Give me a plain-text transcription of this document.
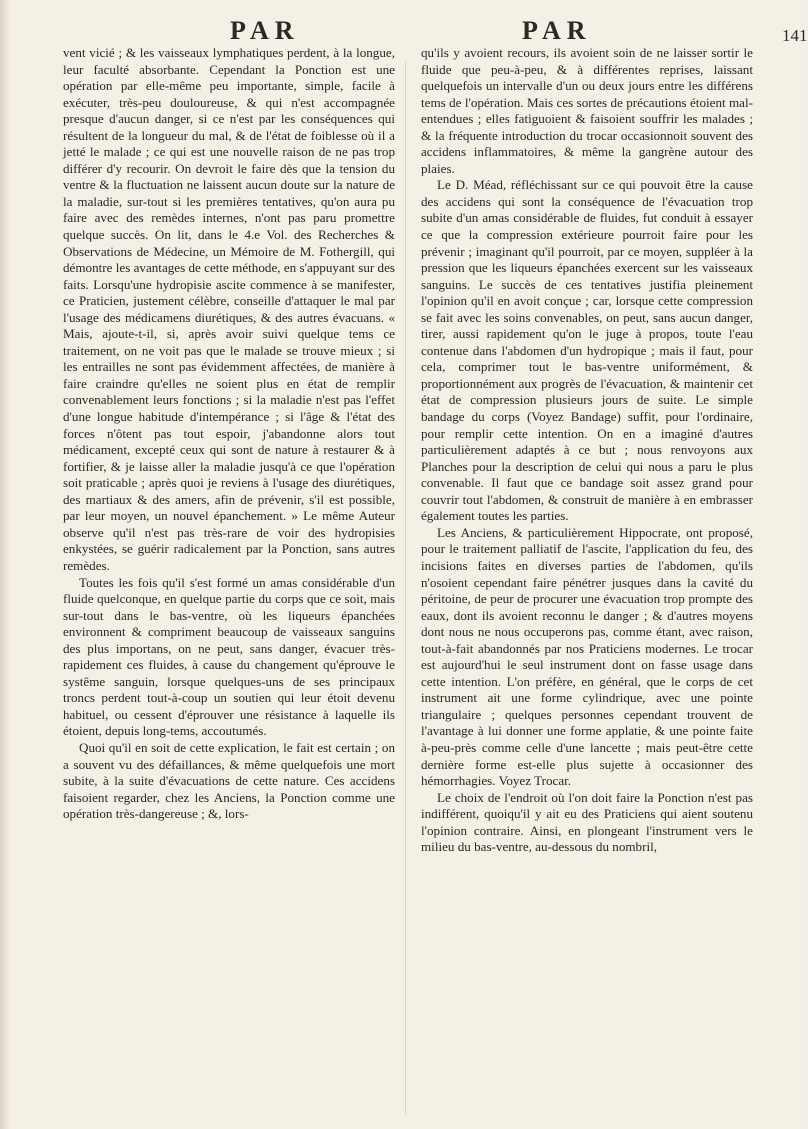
PAR	PAR	141

vent vicié ; & les vaisseaux lymphatiques perdent, à la longue, leur faculté absorbante. Cependant la Ponction est une opération par elle-même peu importante, simple, facile à exécuter, très-peu douloureuse, & qui n'est accompagnée presque d'aucun danger, si ce n'est par les conséquences qui résultent de la longueur du mal, & de l'état de foiblesse où il a jetté le malade ; ce qui est une nouvelle raison de ne pas trop différer d'y recourir. On devroit le faire dès que la tension du ventre & la fluctuation ne laissent aucun doute sur la nature de la maladie, sur-tout si les premières tentatives, qu'on aura pu faire avec des remèdes internes, n'ont pas paru promettre quelque succès. On lit, dans le 4.e Vol. des Recherches & Observations de Médecine, un Mémoire de M. Fothergill, qui démontre les avantages de cette méthode, en s'appuyant sur des faits. Lorsqu'une hydropisie ascite commence à se manifester, ce Praticien, justement célèbre, conseille d'attaquer le mal par l'usage des médicamens diurétiques, & des autres évacuans. « Mais, ajoute-t-il, si, après avoir suivi quelque tems ce traitement, on ne voit pas que le malade se trouve mieux ; si les entrailles ne sont pas évidemment affectées, de manière à faire craindre qu'elles ne soient plus en état de remplir convenablement leurs fonctions ; si la maladie n'est pas l'effet d'une longue habitude d'intempérance ; si l'âge & l'état des forces n'ôtent pas tout espoir, j'abandonne alors tout médicament, excepté ceux qui sont de nature à restaurer & à fortifier, & je laisse aller la maladie jusqu'à ce que l'opération soit praticable ; après quoi je reviens à l'usage des diurétiques, des martiaux & des amers, afin de prévenir, s'il est possible, par leur moyen, un nouvel épanchement. » Le même Auteur observe qu'il n'est pas très-rare de voir des hydropisies enkystées, se guérir radicalement par la Ponction, sans autres remèdes.

Toutes les fois qu'il s'est formé un amas considérable d'un fluide quelconque, en quelque partie du corps que ce soit, mais sur-tout dans le bas-ventre, où les liqueurs épanchées environnent & compriment beaucoup de vaisseaux sanguins des plus importans, on ne peut, sans danger, évacuer très-rapidement ces fluides, à cause du changement qu'éprouve le systême sanguin, lorsque quelques-uns de ses principaux troncs perdent tout-à-coup un soutien qui leur étoit devenu habituel, ou cessent d'éprouver une résistance à laquelle ils étoient, depuis long-tems, accoutumés.

Quoi qu'il en soit de cette explication, le fait est certain ; on a souvent vu des défaillances, & même quelquefois une mort subite, à la suite d'évacuations de cette nature. Ces accidens faisoient regarder, chez les Anciens, la Ponction comme une opération très-dangereuse ; &, lors-

qu'ils y avoient recours, ils avoient soin de ne laisser sortir le fluide que peu-à-peu, & à différentes reprises, laissant quelquefois un intervalle d'un ou deux jours entre les différens tems de l'opération. Mais ces sortes de précautions étoient mal-entendues ; elles fatiguoient & faisoient souffrir les malades ; & la fréquente introduction du trocar occasionnoit souvent des accidens inflammatoires, & même la gangrène autour des plaies.

Le D. Méad, réfléchissant sur ce qui pouvoit être la cause des accidens qui sont la conséquence de l'évacuation trop subite d'un amas considérable de fluides, fut conduit à essayer ce que la compression extérieure pourroit faire pour les prévenir ; imaginant qu'il pourroit, par ce moyen, suppléer à la pression que les liqueurs épanchées exercent sur les vaisseaux sanguins. Le succès de ces tentatives justifia pleinement l'opinion qu'il en avoit conçue ; car, lorsque cette compression se fait avec les soins convenables, on peut, sans aucun danger, tirer, aussi rapidement qu'on le juge à propos, toute l'eau contenue dans l'abdomen d'un hydropique ; mais il faut, pour cela, comprimer tout le bas-ventre uniformément, & proportionnément aux progrès de l'évacuation, & maintenir cet état de compression plusieurs jours de suite. Le simple bandage du corps (Voyez Bandage) suffit, pour l'ordinaire, pour remplir cette intention. On en a imaginé d'autres particulièrement adaptés à ce but ; nous renvoyons aux Planches pour la description de celui qui nous a paru le plus convenable. Il faut que ce bandage soit assez grand pour couvrir tout l'abdomen, & construit de manière à en embrasser également toutes les parties.

Les Anciens, & particulièrement Hippocrate, ont proposé, pour le traitement palliatif de l'ascite, l'application du feu, des incisions faites en diverses parties de l'abdomen, qu'ils n'osoient cependant faire pénétrer jusques dans la cavité du péritoine, de peur de procurer une évacuation trop prompte des eaux, dont ils avoient reconnu le danger ; & d'autres moyens dont nous ne nous occuperons pas, comme étant, avec raison, tout-à-fait abandonnés par nos Praticiens modernes. Le trocar est aujourd'hui le seul instrument dont on fasse usage dans cette intention. L'on préfère, en général, que le corps de cet instrument ait une forme cylindrique, avec une pointe triangulaire ; quelques personnes cependant trouvent de l'avantage à lui donner une forme applatie, & une pointe faite à-peu-près comme celle d'une lancette ; mais peut-être cette dernière forme est-elle plus sujette à occasionner des hémorrhagies. Voyez Trocar.

Le choix de l'endroit où l'on doit faire la Ponction n'est pas indifférent, quoiqu'il y ait eu des Praticiens qui aient soutenu l'opinion contraire. Ainsi, en plongeant l'instrument vers le milieu du bas-ventre, au-dessous du nombril,
